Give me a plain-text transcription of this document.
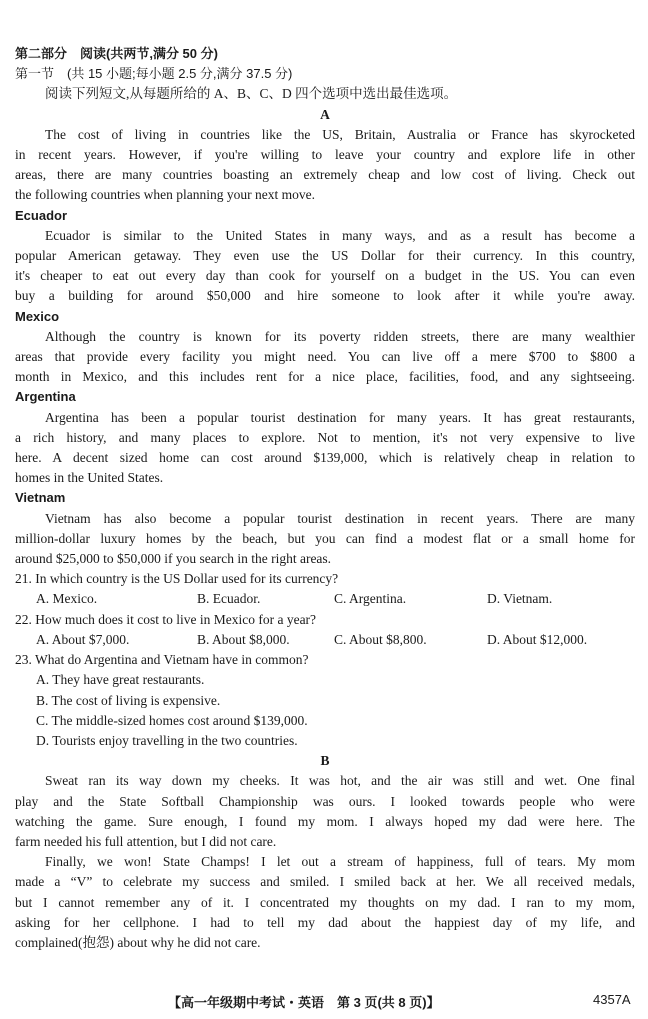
第二部分　阅读(共两节,满分 50 分)
第一节　(共 15 小题;每小题 2.5 分,满分 37.5 分)
阅读下列短文,从每题所给的 A、B、C、D 四个选项中选出最佳选项。
A
The cost of living in countries like the US, Britain, Australia or France has skyrocketed
in recent years. However, if you're willing to leave your country and explore life in other
areas, there are many countries boasting an extremely cheap and low cost of living. Check out
the following countries when planning your next move.
Ecuador
Ecuador is similar to the United States in many ways, and as a result has become a
popular American getaway. They even use the US Dollar for their currency. In this country,
it's cheaper to eat out every day than cook for yourself on a budget in the US. You can even
buy a building for around $50,000 and hire someone to look after it while you're away.
Mexico
Although the country is known for its poverty ridden streets, there are many wealthier
areas that provide every facility you might need. You can live off a mere $700 to $800 a
month in Mexico, and this includes rent for a nice place, facilities, food, and any sightseeing.
Argentina
Argentina has been a popular tourist destination for many years. It has great restaurants,
a rich history, and many places to explore. Not to mention, it's not very expensive to live
here. A decent sized home can cost around $139,000, which is relatively cheap in relation to
homes in the United States.
Vietnam
Vietnam has also become a popular tourist destination in recent years. There are many
million-dollar luxury homes by the beach, but you can find a modest flat or a small home for
around $25,000 to $50,000 if you search in the right areas.
21. In which country is the US Dollar used for its currency?
A. Mexico.	B. Ecuador.	C. Argentina.	D. Vietnam.
22. How much does it cost to live in Mexico for a year?
A. About $7,000.	B. About $8,000.	C. About $8,800.	D. About $12,000.
23. What do Argentina and Vietnam have in common?
A. They have great restaurants.
B. The cost of living is expensive.
C. The middle-sized homes cost around $139,000.
D. Tourists enjoy travelling in the two countries.
B
Sweat ran its way down my cheeks. It was hot, and the air was still and wet. One final
play and the State Softball Championship was ours. I looked towards people who were
watching the game. Sure enough, I found my mom. I always hoped my dad were here. The
farm needed his full attention, but I did not care.
Finally, we won! State Champs! I let out a stream of happiness, full of tears. My mom
made a “V” to celebrate my success and smiled. I smiled back at her. We all received medals,
but I cannot remember any of it. I concentrated my thoughts on my dad. I ran to my mom,
asking for her cellphone. I had to tell my dad about the happiest day of my life, and
complained(抱怨) about why he did not care.
【高一年级期中考试・英语　第 3 页(共 8 页)】	4357A
